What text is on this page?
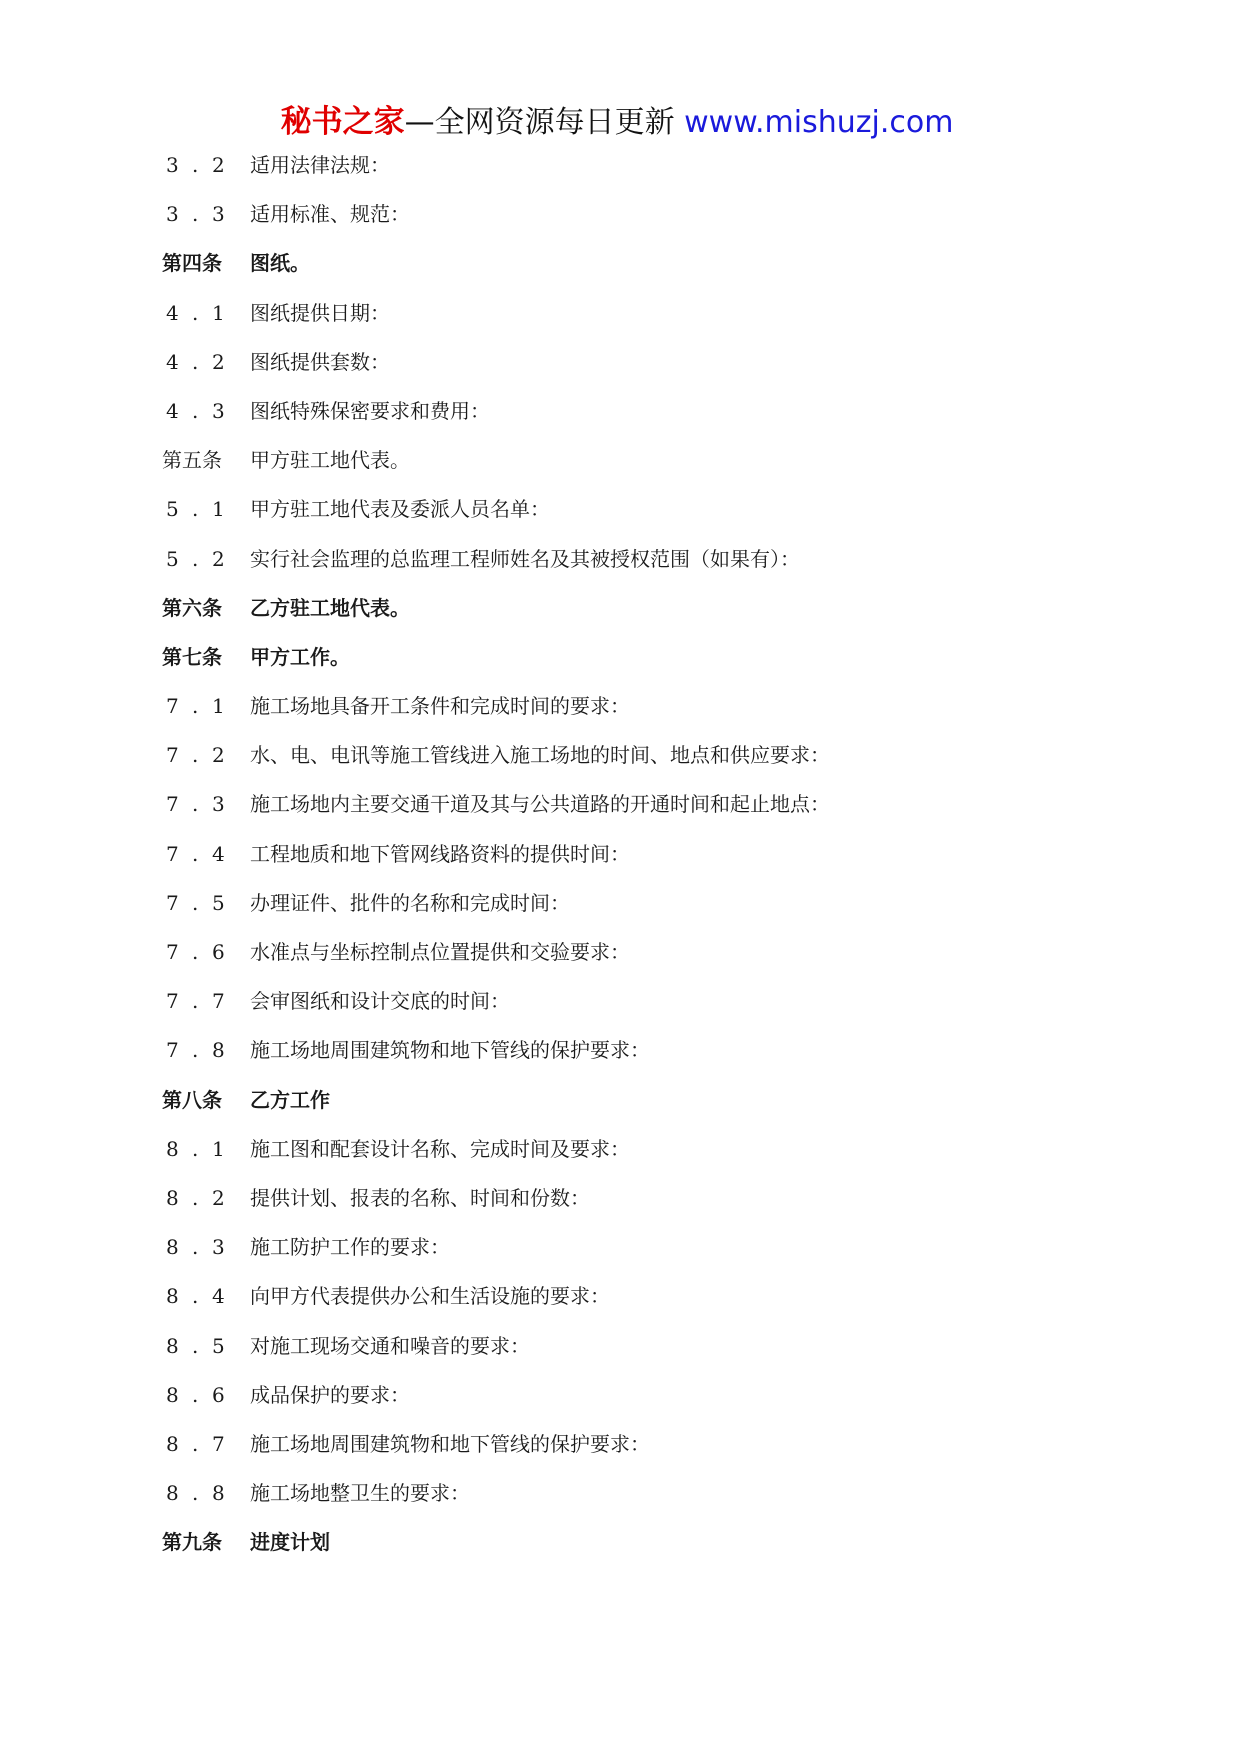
秘书之家—全网资源每日更新 www.mishuzj.com
3 . 2	适用法律法规：
3 . 3	适用标准、规范：
第四条	图纸。
4 . 1	图纸提供日期：
4 . 2	图纸提供套数：
4 . 3	图纸特殊保密要求和费用：
第五条	甲方驻工地代表。
5 . 1	甲方驻工地代表及委派人员名单：
5 . 2	实行社会监理的总监理工程师姓名及其被授权范围（如果有）：
第六条	乙方驻工地代表。
第七条	甲方工作。
7 . 1	施工场地具备开工条件和完成时间的要求：
7 . 2	水、电、电讯等施工管线进入施工场地的时间、地点和供应要求：
7 . 3	施工场地内主要交通干道及其与公共道路的开通时间和起止地点：
7 . 4	工程地质和地下管网线路资料的提供时间：
7 . 5	办理证件、批件的名称和完成时间：
7 . 6	水准点与坐标控制点位置提供和交验要求：
7 . 7	会审图纸和设计交底的时间：
7 . 8	施工场地周围建筑物和地下管线的保护要求：
第八条	乙方工作
8 . 1	施工图和配套设计名称、完成时间及要求：
8 . 2	提供计划、报表的名称、时间和份数：
8 . 3	施工防护工作的要求：
8 . 4	向甲方代表提供办公和生活设施的要求：
8 . 5	对施工现场交通和噪音的要求：
8 . 6	成品保护的要求：
8 . 7	施工场地周围建筑物和地下管线的保护要求：
8 . 8	施工场地整卫生的要求：
第九条	进度计划
